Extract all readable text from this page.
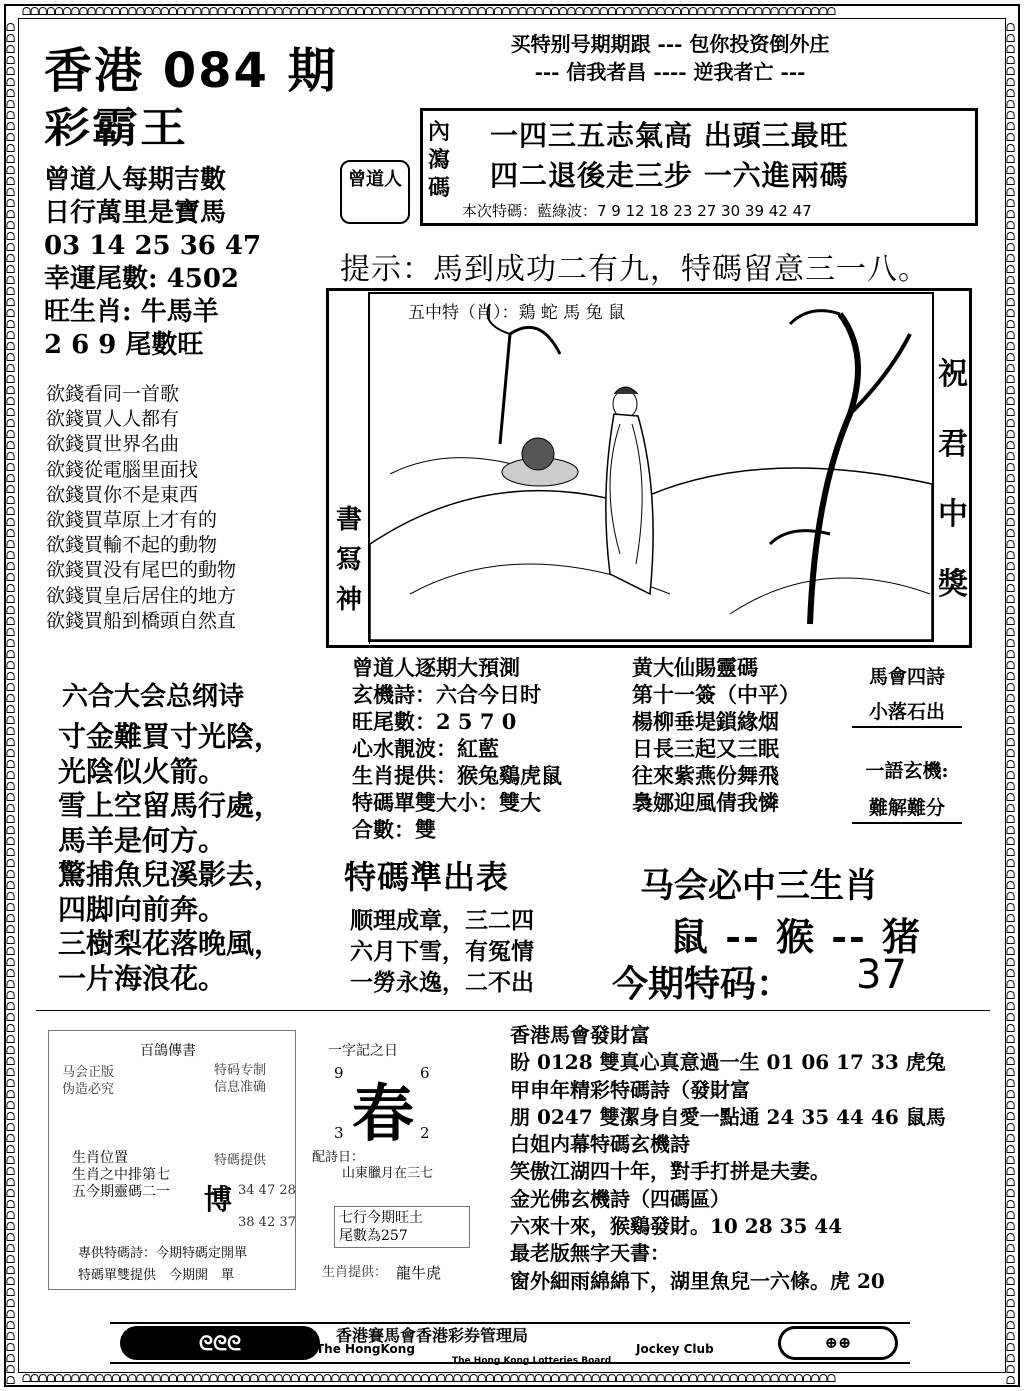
ᗝᗝᗝᗝᗝᗝᗝᗝᗝᗝᗝᗝᗝᗝᗝᗝᗝᗝᗝᗝᗝᗝᗝᗝᗝᗝᗝᗝᗝᗝᗝᗝᗝᗝᗝᗝᗝᗝᗝᗝᗝᗝᗝᗝᗝᗝᗝᗝᗝᗝᗝᗝᗝᗝᗝᗝᗝᗝᗝᗝᗝᗝᗝᗝᗝᗝᗝᗝᗝᗝᗝᗝᗝᗝᗝᗝᗝᗝᗝᗝᗝᗝᗝᗝᗝᗝᗝᗝᗝᗝᗝᗝᗝᗝᗝᗝᗝᗝᗝᗝ
ᗝᗝᗝᗝᗝᗝᗝᗝᗝᗝᗝᗝᗝᗝᗝᗝᗝᗝᗝᗝᗝᗝᗝᗝᗝᗝᗝᗝᗝᗝᗝᗝᗝᗝᗝᗝᗝᗝᗝᗝᗝᗝᗝᗝᗝᗝᗝᗝᗝᗝᗝᗝᗝᗝᗝᗝᗝᗝᗝᗝᗝᗝᗝᗝᗝᗝᗝᗝᗝᗝᗝᗝᗝᗝᗝᗝᗝᗝᗝᗝᗝᗝᗝᗝᗝᗝᗝᗝᗝᗝᗝᗝᗝᗝᗝᗝᗝᗝᗝᗝ
ᗝᗝᗝᗝᗝᗝᗝᗝᗝᗝᗝᗝᗝᗝᗝᗝᗝᗝᗝᗝᗝᗝᗝᗝᗝᗝᗝᗝᗝᗝᗝᗝᗝᗝᗝᗝᗝᗝᗝᗝᗝᗝᗝᗝᗝᗝᗝᗝᗝᗝᗝᗝᗝᗝᗝᗝᗝᗝᗝᗝᗝᗝᗝᗝᗝᗝᗝᗝᗝᗝᗝᗝᗝᗝᗝᗝᗝᗝᗝᗝᗝᗝᗝᗝᗝᗝᗝᗝᗝᗝᗝᗝᗝᗝᗝᗝᗝᗝᗝᗝᗝᗝᗝᗝᗝᗝᗝᗝᗝᗝᗝᗝᗝᗝᗝᗝᗝᗝᗝᗝᗝᗝᗝᗝ
ᗝᗝᗝᗝᗝᗝᗝᗝᗝᗝᗝᗝᗝᗝᗝᗝᗝᗝᗝᗝᗝᗝᗝᗝᗝᗝᗝᗝᗝᗝᗝᗝᗝᗝᗝᗝᗝᗝᗝᗝᗝᗝᗝᗝᗝᗝᗝᗝᗝᗝᗝᗝᗝᗝᗝᗝᗝᗝᗝᗝᗝᗝᗝᗝᗝᗝᗝᗝᗝᗝᗝᗝᗝᗝᗝᗝᗝᗝᗝᗝᗝᗝᗝᗝᗝᗝᗝᗝᗝᗝᗝᗝᗝᗝᗝᗝᗝᗝᗝᗝᗝᗝᗝᗝᗝᗝᗝᗝᗝᗝᗝᗝᗝᗝᗝᗝᗝᗝᗝᗝᗝᗝᗝᗝ
香港 084 期
彩霸王
曾道人每期吉數
日行萬里是寶馬
03 14 25 36 47
幸運尾數: 4502
旺生肖: 牛馬羊
2 6 9 尾數旺
欲錢看同一首歌
欲錢買人人都有
欲錢買世界名曲
欲錢從電腦里面找
欲錢買你不是東西
欲錢買草原上才有的
欲錢買輸不起的動物
欲錢買没有尾巴的動物
欲錢買皇后居住的地方
欲錢買船到橋頭自然直
买特别号期期跟 --- 包你投资倒外庄
--- 信我者昌 ---- 逆我者亡 ---
內瀉碼
一四三五志氣高 出頭三最旺
四二退後走三步 一六進兩碼
本次特碼：藍綠波：7 9 12 18 23 27 30 39 42 47
曾道人
提示：馬到成功二有九，特碼留意三一八。
書冩神
五中特（肖）：鶏 蛇 馬 兔 鼠
祝君中獎
六合大会总纲诗
寸金難買寸光陰，
光陰似火箭。
雪上空留馬行處，
馬羊是何方。
驚捕魚兒溪影去，
四脚向前奔。
三樹梨花落晚風，
一片海浪花。
曾道人逐期大預測
玄機詩：六合今日时
旺尾數：2 5 7 0
心水靚波：紅藍
生肖提供：猴兔鷄虎鼠
特碼單雙大小：雙大
合數：雙
黄大仙賜靈碼
第十一簽（中平）
楊柳垂堤鎖緣烟
日長三起又三眠
往來紫燕份舞飛
裊娜迎風倩我憐
馬會四詩
小落石出
一語玄機:
難解難分
特碼準出表
顺理成章，三二四
六月下雪，有冤情
一勞永逸，二不出
马会必中三生肖
鼠 -- 猴 -- 猪
今期特码： 37
百鴿傳書
马会正版
伪造必究
特码专制
信息准确
生肖位置
生肖之中排第七
五今期靈碼二一
特碼提供
博 34 47 28
38 42 37
專供特碼詩：今期特碼定開單
特碼單雙提供　今期開　單	生肖提供： 龍牛虎
一字記之日
9	6
春
3	2
配詩日：
山東臘月在三七
七行今期旺土
尾數為257
香港馬會發財富
盼 0128 雙真心真意過一生 01 06 17 33 虎兔
甲申年精彩特碼詩（發財富
朋 0247 雙潔身自愛一點通 24 35 44 46 鼠馬
白姐内幕特碼玄機詩
笑傲江湖四十年，對手打拼是夫妻。
金光佛玄機詩（四碼區）
六來十來，猴鷄發財。10 28 35 44
最老版無字天書：
窗外細雨綿綿下，湖里魚兒一六條。虎 20
ᘓᘓᘓ	⊕⊕
香港賽馬會香港彩券管理局
The HongKong	Jockey Club
The Hong Kong Lotteries Board
